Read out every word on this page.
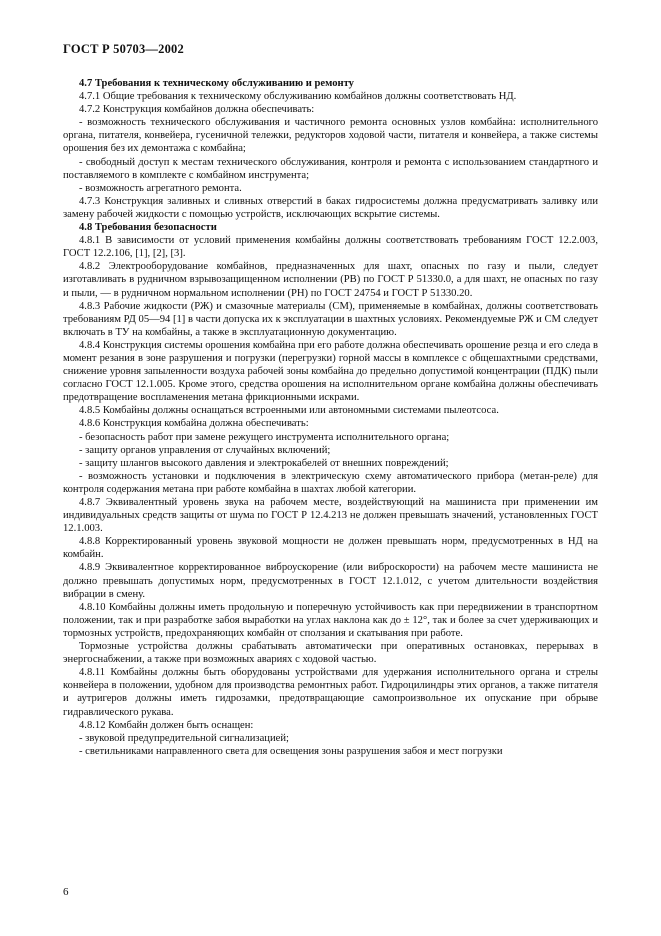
ГОСТ Р 50703—2002
4.7 Требования к техническому обслуживанию и ремонту
4.7.1 Общие требования к техническому обслуживанию комбайнов должны соответствовать НД.
4.7.2 Конструкция комбайнов должна обеспечивать:
- возможность технического обслуживания и частичного ремонта основных узлов комбайна: исполнительного органа, питателя, конвейера, гусеничной тележки, редукторов ходовой части, питателя и конвейера, а также системы орошения без их демонтажа с комбайна;
- свободный доступ к местам технического обслуживания, контроля и ремонта с использованием стандартного и поставляемого в комплекте с комбайном инструмента;
- возможность агрегатного ремонта.
4.7.3 Конструкция заливных и сливных отверстий в баках гидросистемы должна предусматривать заливку или замену рабочей жидкости с помощью устройств, исключающих вскрытие системы.
4.8 Требования безопасности
4.8.1 В зависимости от условий применения комбайны должны соответствовать требованиям ГОСТ 12.2.003, ГОСТ 12.2.106, [1], [2], [3].
4.8.2 Электрооборудование комбайнов, предназначенных для шахт, опасных по газу и пыли, следует изготавливать в рудничном взрывозащищенном исполнении (РВ) по ГОСТ Р 51330.0, а для шахт, не опасных по газу и пыли, — в рудничном нормальном исполнении (РН) по ГОСТ 24754 и ГОСТ Р 51330.20.
4.8.3 Рабочие жидкости (РЖ) и смазочные материалы (СМ), применяемые в комбайнах, должны соответствовать требованиям РД 05—94 [1] в части допуска их к эксплуатации в шахтных условиях. Рекомендуемые РЖ и СМ следует включать в ТУ на комбайны, а также в эксплуатационную документацию.
4.8.4 Конструкция системы орошения комбайна при его работе должна обеспечивать орошение резца и его следа в момент резания в зоне разрушения и погрузки (перегрузки) горной массы в комплексе с общешахтными средствами, снижение уровня запыленности воздуха рабочей зоны комбайна до предельно допустимой концентрации (ПДК) пыли согласно ГОСТ 12.1.005. Кроме этого, средства орошения на исполнительном органе комбайна должны обеспечивать предотвращение воспламенения метана фрикционными искрами.
4.8.5 Комбайны должны оснащаться встроенными или автономными системами пылеотсоса.
4.8.6 Конструкция комбайна должна обеспечивать:
- безопасность работ при замене режущего инструмента исполнительного органа;
- защиту органов управления от случайных включений;
- защиту шлангов высокого давления и электрокабелей от внешних повреждений;
- возможность установки и подключения в электрическую схему автоматического прибора (метан-реле) для контроля содержания метана при работе комбайна в шахтах любой категории.
4.8.7 Эквивалентный уровень звука на рабочем месте, воздействующий на машиниста при применении им индивидуальных средств защиты от шума по ГОСТ Р 12.4.213 не должен превышать значений, установленных ГОСТ 12.1.003.
4.8.8 Корректированный уровень звуковой мощности не должен превышать норм, предусмотренных в НД на комбайн.
4.8.9 Эквивалентное корректированное виброускорение (или виброскорости) на рабочем месте машиниста не должно превышать допустимых норм, предусмотренных в ГОСТ 12.1.012, с учетом длительности воздействия вибрации в смену.
4.8.10 Комбайны должны иметь продольную и поперечную устойчивость как при передвижении в транспортном положении, так и при разработке забоя выработки на углах наклона как до ± 12°, так и более за счет удерживающих и тормозных устройств, предохраняющих комбайн от сползания и скатывания при работе.
Тормозные устройства должны срабатывать автоматически при оперативных остановках, перерывах в энергоснабжении, а также при возможных авариях с ходовой частью.
4.8.11 Комбайны должны быть оборудованы устройствами для удержания исполнительного органа и стрелы конвейера в положении, удобном для производства ремонтных работ. Гидроцилиндры этих органов, а также питателя и аутригеров должны иметь гидрозамки, предотвращающие самопроизвольное их опускание при обрыве гидравлического рукава.
4.8.12 Комбайн должен быть оснащен:
- звуковой предупредительной сигнализацией;
- светильниками направленного света для освещения зоны разрушения забоя и мест погрузки
6
